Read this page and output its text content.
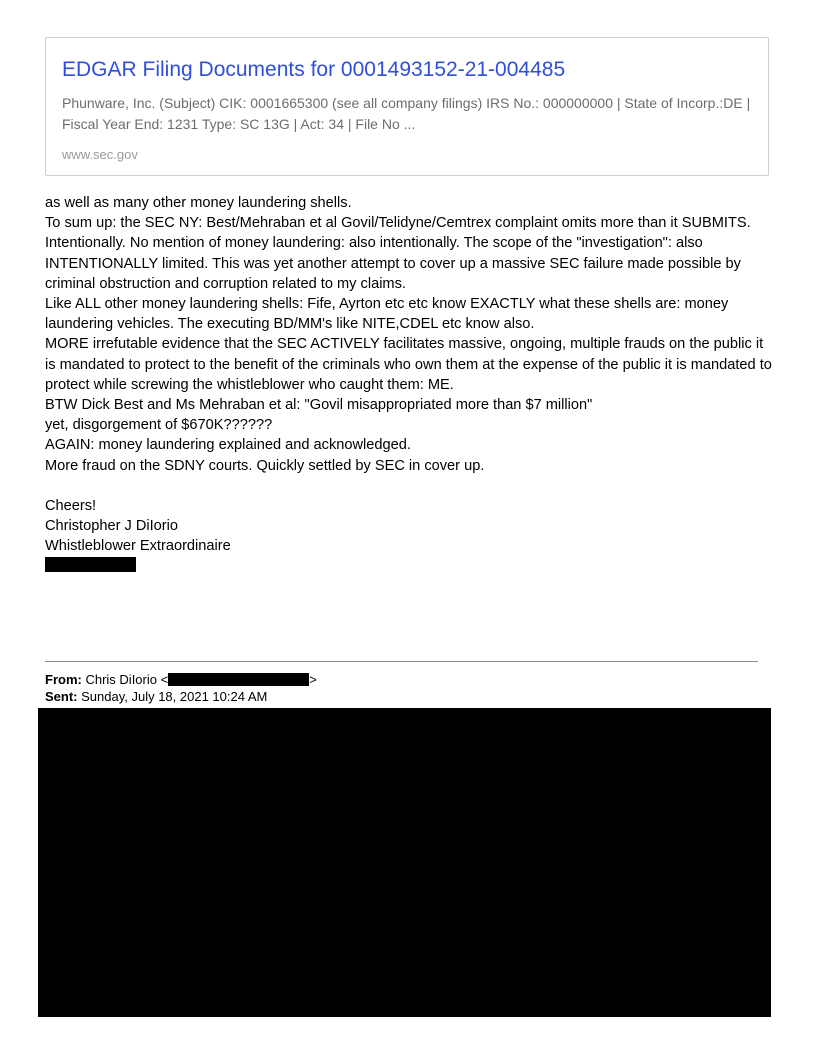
EDGAR Filing Documents for 0001493152-21-004485

Phunware, Inc. (Subject) CIK: 0001665300 (see all company filings) IRS No.: 000000000 | State of Incorp.:DE | Fiscal Year End: 1231 Type: SC 13G | Act: 34 | File No ...

www.sec.gov

as well as many other money laundering shells.

To sum up: the SEC NY: Best/Mehraban et al Govil/Telidyne/Cemtrex complaint omits more than it SUBMITS. Intentionally. No mention of money laundering: also intentionally. The scope of the "investigation": also INTENTIONALLY limited. This was yet another attempt to cover up a massive SEC failure made possible by criminal obstruction and corruption related to my claims.

Like ALL other money laundering shells: Fife, Ayrton etc etc know EXACTLY what these shells are: money laundering vehicles. The executing BD/MM's like NITE,CDEL etc know also.

MORE irrefutable evidence that the SEC ACTIVELY facilitates massive, ongoing, multiple frauds on the public it is mandated to protect to the benefit of the criminals who own them at the expense of the public it is mandated to protect while screwing the whistleblower who caught them: ME.

BTW Dick Best and Ms Mehraban et al: "Govil misappropriated more than $7 million"

yet, disgorgement of $670K??????

AGAIN: money laundering explained and acknowledged.

More fraud on the SDNY courts. Quickly settled by SEC in cover up.

Cheers!

Christopher J DiIorio

Whistleblower Extraordinaire

From: Chris DiIorio <	>
Sent: Sunday, July 18, 2021 10:24 AM
